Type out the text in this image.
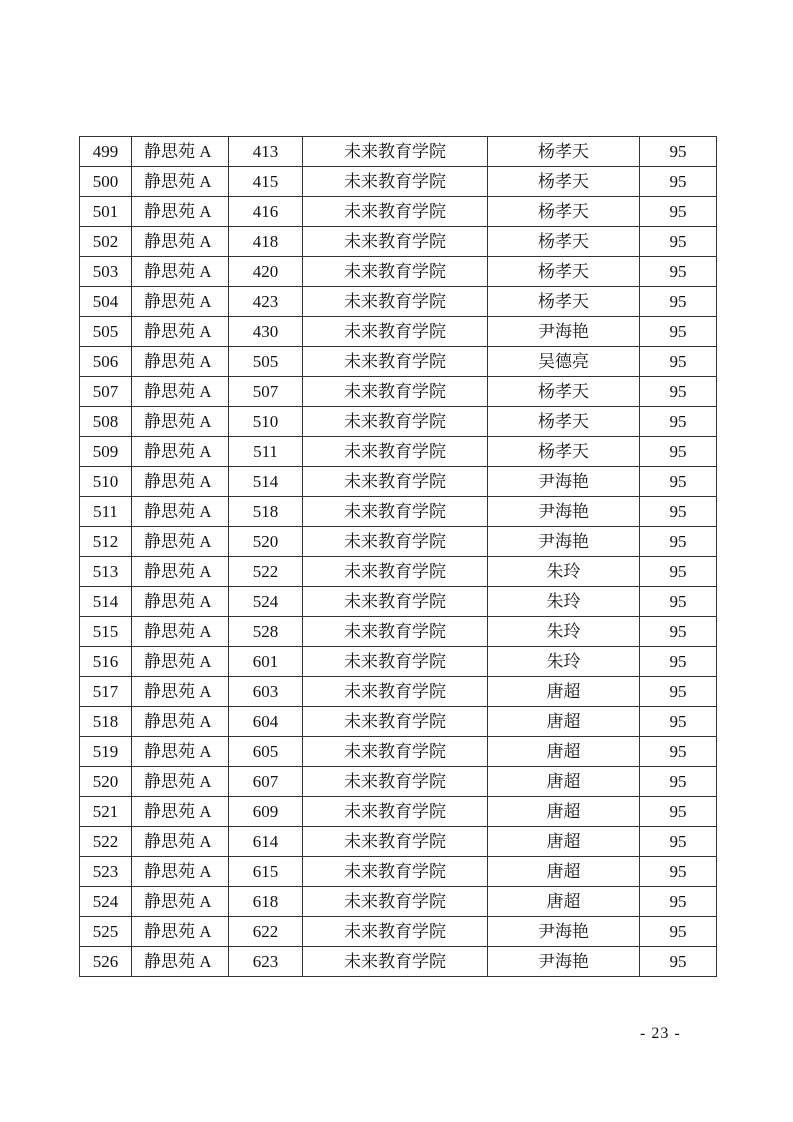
499	静思苑 A	413	未来教育学院	杨孝天	95
500	静思苑 A	415	未来教育学院	杨孝天	95
501	静思苑 A	416	未来教育学院	杨孝天	95
502	静思苑 A	418	未来教育学院	杨孝天	95
503	静思苑 A	420	未来教育学院	杨孝天	95
504	静思苑 A	423	未来教育学院	杨孝天	95
505	静思苑 A	430	未来教育学院	尹海艳	95
506	静思苑 A	505	未来教育学院	吴德亮	95
507	静思苑 A	507	未来教育学院	杨孝天	95
508	静思苑 A	510	未来教育学院	杨孝天	95
509	静思苑 A	511	未来教育学院	杨孝天	95
510	静思苑 A	514	未来教育学院	尹海艳	95
511	静思苑 A	518	未来教育学院	尹海艳	95
512	静思苑 A	520	未来教育学院	尹海艳	95
513	静思苑 A	522	未来教育学院	朱玲	95
514	静思苑 A	524	未来教育学院	朱玲	95
515	静思苑 A	528	未来教育学院	朱玲	95
516	静思苑 A	601	未来教育学院	朱玲	95
517	静思苑 A	603	未来教育学院	唐超	95
518	静思苑 A	604	未来教育学院	唐超	95
519	静思苑 A	605	未来教育学院	唐超	95
520	静思苑 A	607	未来教育学院	唐超	95
521	静思苑 A	609	未来教育学院	唐超	95
522	静思苑 A	614	未来教育学院	唐超	95
523	静思苑 A	615	未来教育学院	唐超	95
524	静思苑 A	618	未来教育学院	唐超	95
525	静思苑 A	622	未来教育学院	尹海艳	95
526	静思苑 A	623	未来教育学院	尹海艳	95
- 23 -
